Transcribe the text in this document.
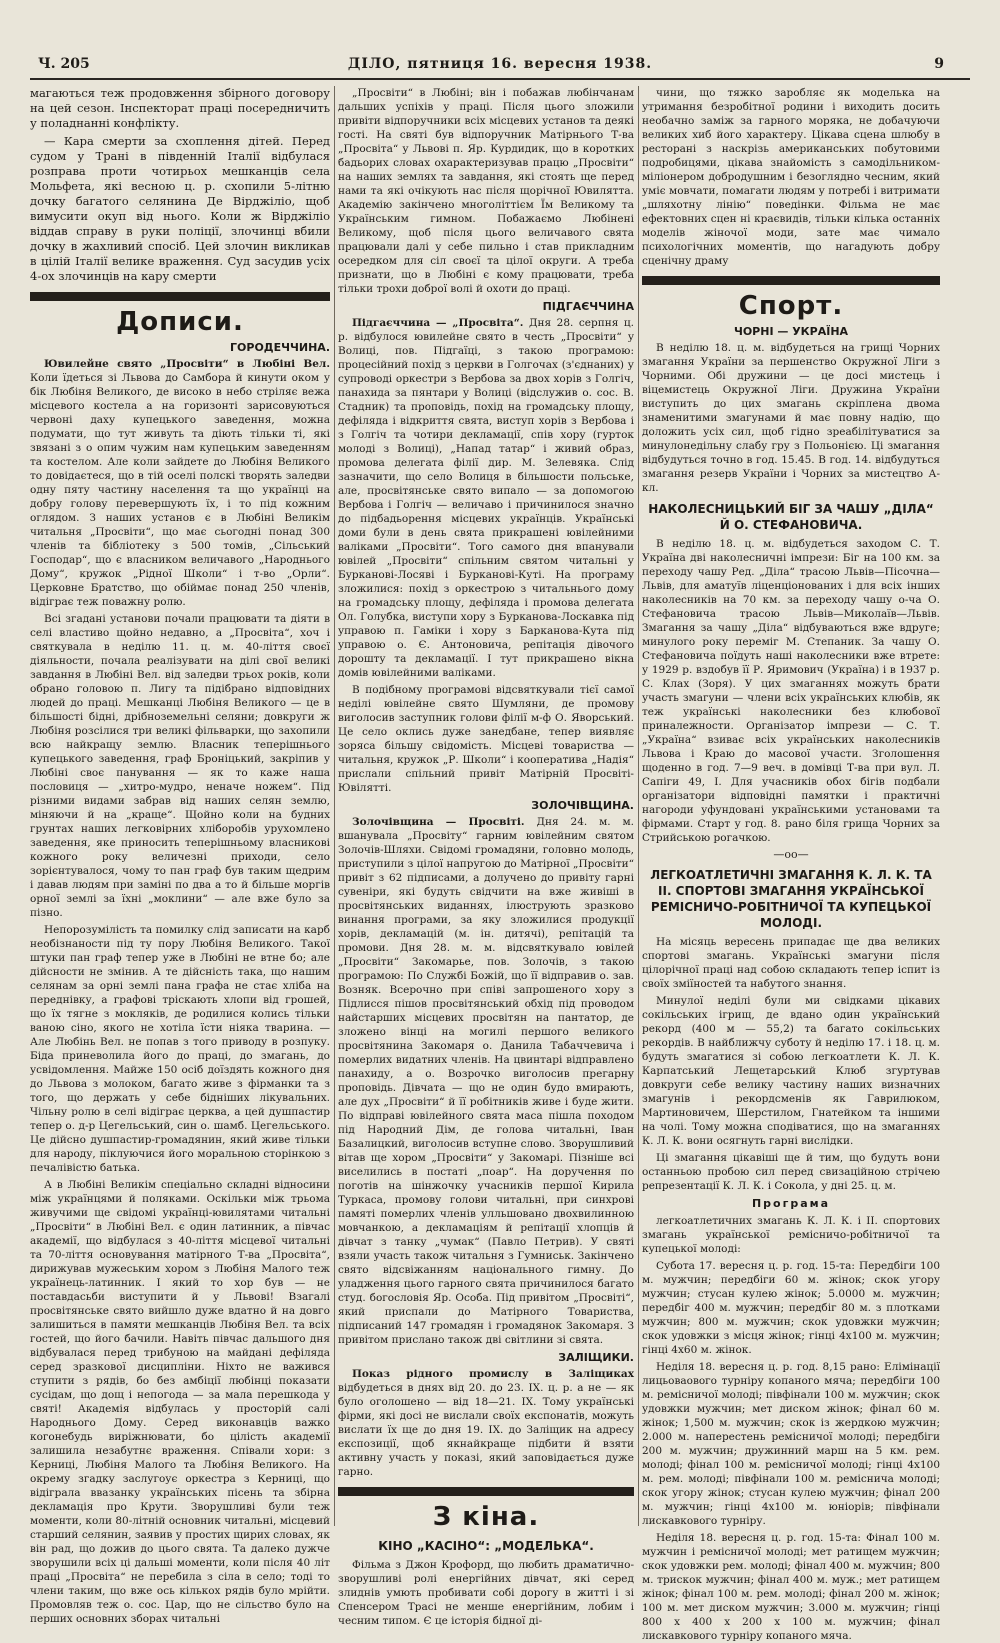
Ч. 205	ДІЛО, пятниця 16. вересня 1938.	9

магаються теж продовження збірного договору на цей сезон. Інспекторат праці посередничить у поладнанні конфлікту.

— Кара смерти за схоплення дітей. Перед судом у Трані в південній Італії відбулася розправа проти чотирьох мешканців села Мольфета, які весною ц. р. схопили 5-літню дочку багатого селянина Де Вірджіліо, щоб вимусити окуп від нього. Коли ж Вірджіліо віддав справу в руки поліції, злочинці вбили дочку в жахливий спосіб. Цей злочин викликав в цілій Італії велике враження. Суд засудив усіх 4-ох злочинців на кару смерти

Дописи.
ГОРОДЕЧЧИНА.

Ювилейне свято „Просвіти“ в Любіні Вел. Коли їдеться зі Львова до Самбора й кинути оком у бік Любіня Великого, де високо в небо стріляє вежа місцевого костела а на горизонті зарисовуються червоні даху купецького заведення, можна подумати, що тут живуть та діють тільки ті, які звязані з о опим чужим нам купецьким заведенням та костелом. Але коли зайдете до Любіня Великого то довідаєтеся, що в тій оселі полскі творять заледви одну пяту частину населення та що українці на добру голову перевершують їх, і то під кожним оглядом. З наших установ є в Любіні Великім читальня „Просвіти“, що має сьогодні понад 300 членів та бібліотеку з 500 томів, „Сільський Господар“, що є власником величавого „Народнього Дому“, кружок „Рідної Школи“ і т-во „Орли“. Церковне Братство, що обіймає понад 250 членів, відіграє теж поважну ролю.

Всі згадані установи почали працювати та діяти в селі властиво щойно недавно, а „Просвіта“, хоч і святкувала в неділю 11. ц. м. 40-ліття своєї діяльности, почала реалізувати на ділі свої великі завдання в Любіні Вел. від заледви трьох років, коли обрано головою п. Лигу та підібрано відповідних людей до праці. Мешканці Любіня Великого — це в більшості бідні, дрібноземельні селяни; довкруги ж Любіня розсілися три великі фільварки, що захопили всю найкращу землю. Власник теперішнього купецького заведення, граф Броніцький, закріпив у Любіні своє панування — як то каже наша пословиця — „хитро-мудро, неначе ножем“. Під різними видами забрав від наших селян землю, міняючи й на „краще“. Щойно коли на будних грунтах наших легковірних хліборобів урухомлено заведення, яке приносить теперішньому власникові кожного року величезні приходи, село зорієнтувалося, чому то пан граф був таким щедрим і давав людям при заміні по два а то й більше моргів орної землі за їхні „моклини“ — але вже було за пізно.

Непорозумілість та помилку слід записати на карб необізнаности під ту пору Любіня Великого. Такої штуки пан граф тепер уже в Любіні не втне бо; але дійсности не змінив. А те дійсність така, що нашим селянам за орні землі пана графа не стає хліба на переднівку, а графові тріскають хлопи від грошей, що їх тягне з мокляків, де родилися колись тільки ваною сіно, якого не хотіла їсти ніяка тварина. — Але Любінь Вел. не попав з того приводу в розпуку. Біда приневолила його до праці, до змагань, до усвідомлення. Майже 150 осіб доїздять кожного дня до Львова з молоком, багато живе з фірманки та з того, що держать у себе бідніших лікувальних. Чільну ролю в селі відіграє церква, а цей душпастир тепер о. д-р Цегельський, син о. шамб. Цегельського. Це дійсно душпастир-громадянин, який живе тільки для народу, піклуючися його моральною сторінкою з печалівістю батька.

А в Любіні Великім спеціально складні відносини між українцями й поляками. Оскільки між трьома живучими ще свідомі українці-ювилятами читальні „Просвіти“ в Любіні Вел. є один латинник, а півчас академії, що відбулася з 40-ліття місцевої читальні та 70-ліття основування матірного Т-ва „Просвіта“, дирижував мужеським хором з Любіня Малого теж українець-латинник. І який то хор був — не поставдасьби виступити й у Львові! Взагалі просвітянське свято вийшло дуже вдатно й на довго залишиться в памяти мешканців Любіня Вел. та всіх гостей, що його бачили. Навіть півчас дальшого дня відбувалася перед трибуною на майдані дефіляда серед зразкової дисципліни. Ніхто не важився ступити з рядів, бо без амбіції любінці показати сусідам, що дощ і непогода — за мала перешкода у святі! Академія відбулась у просторій салі Народнього Дому. Серед виконавців важко когонебудь виріжнювати, бо цілість академії залишила незабутнє враження. Співали хори: з Керниці, Любіня Малого та Любіня Великого. На окрему згадку заслугоує оркестра з Керниці, що відіграла ввазанку українських пісень та збірна декламація про Крути. Зворушливі були теж моменти, коли 80-літній основник читальні, місцевий старший селянин, заявив у простих щирих словах, як він рад, що дожив до цього свята. Та далеко дужче зворушили всіх ці дальші моменти, коли після 40 літ праці „Просвіта“ не перебила з сіла в село; тоді то члени таким, що вже ось кількох рядів було мрійти. Промовляв теж о. сос. Цар, що не сільство було на перших основних зборах читальні

„Просвіти“ в Любіні; він і побажав любінчанам дальших успіхів у праці. Після цього зложили привіти відпоручники всіх місцевих установ та деякі гості. На святі був відпоручник Матірнього Т-ва „Просвіта“ у Львові п. Яр. Курдидик, що в коротких бадьорих словах охарактеризував працю „Просвіти“ на наших землях та завдання, які стоять ще перед нами та які очікують нас після щорічної Ювилятта. Академію закінчено многоліттієм Їм Великому та Українським гимном. Побажаємо Любінені Великому, щоб після цього величавого свята працювали далі у себе пильно і став прикладним осередком для сіл своєї та цілої округи. А треба признати, що в Любіні є кому працювати, треба тільки трохи доброї волі й охоти до праці.

ПІДГАЄЧЧИНА

Підгаєччина — „Просвіта“. Дня 28. серпня ц. р. відбулося ювилейне свято в честь „Просвіти“ у Волиці, пов. Підгаїці, з такою програмою: процесійний похід з церкви в Голгочах (з'єднаних) у супроводі оркестри з Вербова за двох хорів з Голгіч, панахида за пянтари у Волиці (відслужив о. сос. В. Стадник) та проповідь, похід на громадську площу, дефіляда і відкриття свята, виступ хорів з Вербова і з Голгіч та чотири декламації, спів хору (гурток молоді з Волиці), „Напад татар“ і живий образ, промова делегата філії дир. М. Зелевяка. Слід зазначити, що село Волиця в більшости польське, але, просвітянське свято випало — за допомогою Вербова і Голгіч — величаво і причинилося значно до підбадьорення місцевих українців. Українські доми були в день свята прикрашені ювілейними валіками „Просвіти“. Того самого дня впанували ювілей „Просвіти“ спільним святом читальні у Бурканові-Лосяві і Бурканові-Куті. На програму зложилися: похід з оркестрою з читальнього дому на громадську площу, дефіляда і промова делегата Ол. Голубка, виступи хору з Бурканова-Лоскавка під управою п. Гаміки і хору з Барканова-Кута під управою о. Є. Антоновича, репітація дівочого дорошту та декламації. І тут прикрашено вікна домів ювілейними валіками.

В подібному програмові відсвяткували тієї самої неділі ювілейне свято Шумляни, де промову виголосив заступник голови філії м-ф О. Яворський. Це село оклись дуже занедбане, тепер виявляє зоряса більшу свідомість. Місцеві товариства — читальня, кружок „Р. Школи“ і кооператива „Надія“ прислали спільний привіт Матірній Просвіті-Ювілятті.

ЗОЛОЧІВЩИНА.

Золочівщина — Просвіті. Дня 24. м. м. вшанувала „Просвіту“ гарним ювілейним святом Золочів-Шляхи. Свідомі громадяни, головно молодь, приступили з цілої напругою до Матірної „Просвіти“ привіт з 62 підписами, а долучено до привіту гарні сувеніри, які будуть свідчити на вже живіші в просвітянських виданнях, ілюструють зразково винання програми, за яку зложилися продукції хорів, декламацій (м. ін. дитячі), репітацій та промови. Дня 28. м. м. відсвяткувало ювілей „Просвіти“ Закомарье, пов. Золочів, з такою програмою: По Службі Божій, що її відправив о. зав. Возняк. Всерочно при співі запрошеного хору з Підлисся пішов просвітянський обхід під проводом найстарших місцевих просвітян на пантатор, де зложено вінці на могилі першого великого просвітянина Закомаря о. Данила Табаччевича і померлих видатних членів. На цвинтарі відправлено панахиду, а о. Возрочко виголосив прегарну проповідь. Дівчата — що не один будо вмирають, але дух „Просвіти“ й її робітників живе і буде жити. По відправі ювілейного свята маса пішла походом під Народний Дім, де голова читальні, Іван Базалицкий, виголосив вступне слово. Зворушливий вітав ще хором „Просвіти“ у Закомарі. Пізніше всі виселились в постаті „поар“. На доручення по поготів на шінжочку учасників першої Кирила Туркаса, промову голови читальні, при синхрові памяті померлих членів улльшовано двохвилинною мовчанкою, а декламаціям й репітації хлопців й дівчат з танку „чумак“ (Павло Петрив). У святі взяли участь також читальня з Гумниськ. Закінчено свято відсвіжанням національного гимну. До уладження цього гарного свята причинилося багато студ. богословія Яр. Особа. Під привітом „Просвіті“, який приспали до Матірного Товариства, підписаний 147 громадян і громадянок Закомаря. З привітом прислано також дві світлини зі свята.

ЗАЛІЩИКИ.

Показ рідного промислу в Заліщиках відбудеться в днях від 20. до 23. IX. ц. р. а не — як було оголошено — від 18—21. IX. Тому українські фірми, які досі не вислали своїх експонатів, можуть вислати їх ще до дня 19. IX. до Заліщик на адресу експозиції, щоб якнайкраще підбити й взяти активну участь у показі, який заповідається дуже гарно.

З кіна.
КІНО „КАСІНО“: „МОДЕЛЬКА“.

Фільма з Джон Крофорд, що любить драматично-зворушливі ролі енергійних дівчат, які серед злиднів умють пробивати собі дорогу в житті і зі Спенсером Трасі не менше енергійним, лобим і чесним типом. Є це історія бідної ді-

чини, що тяжко заробляє як моделька на утримання безробітної родини і виходить досить необачно заміж за гарного моряка, не добачуючи великих хиб його характеру. Цікава сцена шлюбу в ресторані з наскрізь американських побутовими подробицями, цікава знайомість з самодільником-міліонером добродушним і безоглядно чесним, який уміє мовчати, помагати людям у потребі і витримати „шляхотну лінію“ поведінки. Фільма не має ефектовних сцен ні краєвидів, тільки кілька останніх моделів жіночої моди, зате має чимало психологічних моментів, що нагадують добру сценічну драму

Спорт.
ЧОРНІ — УКРАЇНА

В неділю 18. ц. м. відбудеться на грищі Чорних змагання України за першенство Окружної Ліги з Чорними. Обі дружини — це досі мистець і віцемистець Окружної Ліги. Дружина України виступить до цих змагань скріплена двома знаменитими змагунами й має повну надію, що доложить усіх сил, щоб гідно зреабілітуватися за минулонедільну слабу гру з Польонією. Ці змагання відбудуться точно в год. 15.45. В год. 14. відбудуться змагання резерв України і Чорних за мистецтво А-кл.

НАКОЛЕСНИЦЬКИЙ БІГ ЗА ЧАШУ „ДІЛА“ Й О. СТЕФАНОВИЧА.

В неділю 18. ц. м. відбудеться заходом С. Т. Україна дві наколесничні імпрези: Біг на 100 км. за переходу чашу Ред. „Діла“ трасою Львів—Пісочна—Львів, для аматуїв ліценціонованих і для всіх інших наколесників на 70 км. за переходу чашу о-ча О. Стефановича трасою Львів—Миколаїв—Львів. Змагання за чашу „Діла“ відбуваються вже вдруге; минулого року переміг М. Степаник. За чашу О. Стефановича поїдуть наші наколесники вже втрете: у 1929 р. вздобув її Р. Яримович (Україна) і в 1937 р. С. Клах (Зоря). У цих змаганнях можуть брати участь змагуни — члени всіх українських клюбів, як теж українські наколесники без клюбової приналежности. Організатор імпрези — С. Т. „Україна“ взиває всіх українських наколесників Львова і Краю до масової участи. Зголошення щоденно в год. 7—9 веч. в домівці Т-ва при вул. Л. Сапіги 49, І. Для учасників обох бігів подбали організатори відповідні памятки і практичні нагороди уфундовані українськими установами та фірмами. Старт у год. 8. рано біля грища Чорних за Стрийською рогачкою.

—оо—
ЛЕГКОАТЛЕТИЧНІ ЗМАГАННЯ К. Л. К. ТА ІІ. СПОРТОВІ ЗМАГАННЯ УКРАЇНСЬКОЇ РЕМІСНИЧО-РОБІТНИЧОЇ ТА КУПЕЦЬКОЇ МОЛОДІ.

На місяць вересень припадає ще два великих спортові змагань. Українські змагуни після цілорічної праці над собою складають тепер іспит із своїх зміїностей та набутого знання.

Минулої неділі були ми свідками цікавих сокільських ігрищ, де вдано один український рекорд (400 м — 55,2) та багато сокільських рекордів. В найближчу суботу й неділю 17. і 18. ц. м. будуть змагатися зі собою легкоатлети К. Л. К. Карпатський Лещетарський Клюб згуртував довкруги себе велику частину наших визначних змагунів і рекордсменів як Гаврилюком, Мартиновичем, Шерстилом, Гнатейком та іншими на чолі. Тому можна сподіватися, що на змаганнях К. Л. К. вони осягнуть гарні вислідки.

Ці змагання цікавіші ще й тим, що будуть вони останньою пробою сил перед свизаційною стрічею репрезентації К. Л. К. і Сокола, у дні 25. ц. м.

Програма

легкоатлетичних змагань К. Л. К. і ІІ. спортових змагань української ремісничо-робітничої та купецької молоді:

Субота 17. вересня ц. р. год. 15-та: Передбіги 100 м. мужчин; передбіги 60 м. жінок; скок угору мужчин; стусан кулею жінок; 5.0000 м. мужчин; передбіг 400 м. мужчин; передбіг 80 м. з плотками мужчин; 800 м. мужчин; скок удовжки мужчин; скок удовжки з місця жінок; гінці 4х100 м. мужчин; гінці 4х60 м. жінок.

Неділя 18. вересня ц. р. год. 8,15 рано: Елімінації лицьоваового турніру копаного мяча; передбіги 100 м. ремісничої молоді; півфінали 100 м. мужчин; скок удовжки мужчин; мет диском жінок; фінал 60 м. жінок; 1,500 м. мужчин; скок із жердкою мужчин; 2.000 м. наперестень ремісничої молоді; передбіги 200 м. мужчин; дружинний марш на 5 км. рем. молоді; фінал 100 м. ремісничої молоді; гінці 4х100 м. рем. молоді; півфінали 100 м. реміснича молоді; скок угору жінок; стусан кулею мужчин; фінал 200 м. мужчин; гінці 4х100 м. юніорів; півфінали лискавкового турніру.

Неділя 18. вересня ц. р. год. 15-та: Фінал 100 м. мужчин і ремісничої молоді; мет ратищем мужчин; скок удовжки рем. молоді; фінал 400 м. мужчин; 800 м. трискок мужчин; фінал 400 м. муж.; мет ратищем жінок; фінал 100 м. рем. молоді; фінал 200 м. жінок; 100 м. мет диском мужчин; 3.000 м. мужчин; гінці 800 х 400 х 200 х 100 м. мужчин; фінал лискавкового турніру копаного мяча.
